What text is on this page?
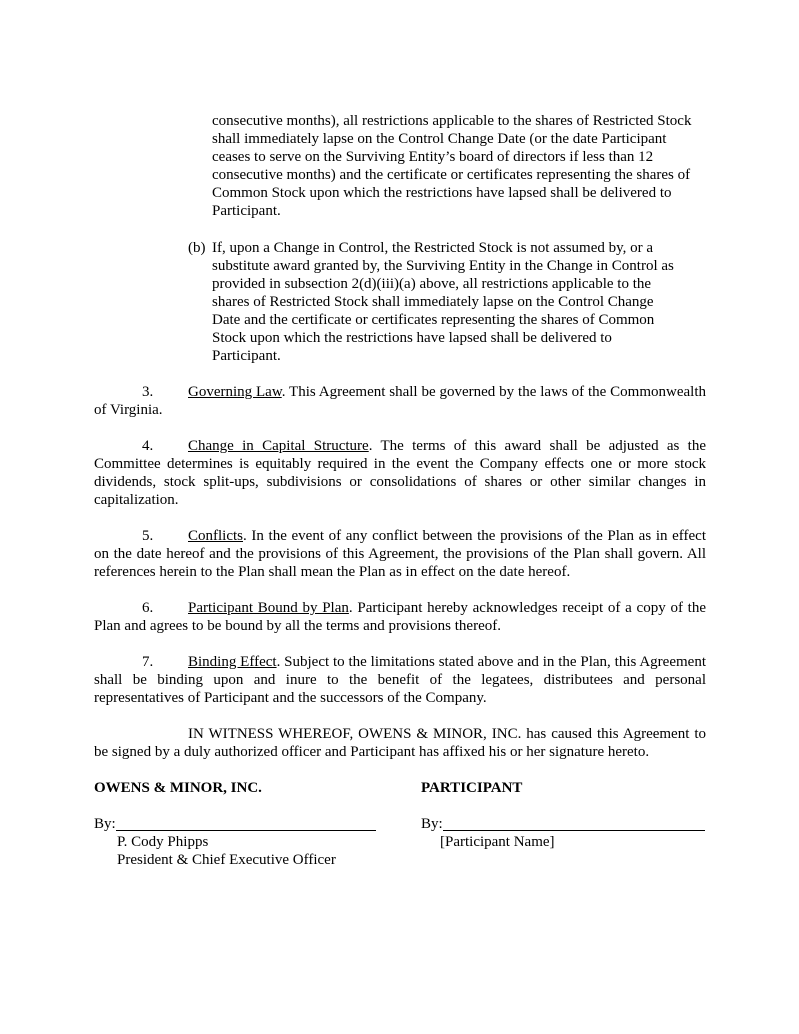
consecutive months), all restrictions applicable to the shares of Restricted Stock
shall immediately lapse on the Control Change Date (or the date Participant
ceases to serve on the Surviving Entity’s board of directors if less than 12
consecutive months) and the certificate or certificates representing the shares of
Common Stock upon which the restrictions have lapsed shall be delivered to
Participant.
(b) If, upon a Change in Control, the Restricted Stock is not assumed by, or a
substitute award granted by, the Surviving Entity in the Change in Control as
provided in subsection 2(d)(iii)(a) above, all restrictions applicable to the
shares of Restricted Stock shall immediately lapse on the Control Change
Date and the certificate or certificates representing the shares of Common
Stock upon which the restrictions have lapsed shall be delivered to
Participant.

3. Governing Law. This Agreement shall be governed by the laws of the Commonwealth of Virginia.

4. Change in Capital Structure. The terms of this award shall be adjusted as the Committee determines is equitably required in the event the Company effects one or more stock dividends, stock split-ups, subdivisions or consolidations of shares or other similar changes in capitalization.

5. Conflicts. In the event of any conflict between the provisions of the Plan as in effect on the date hereof and the provisions of this Agreement, the provisions of the Plan shall govern. All references herein to the Plan shall mean the Plan as in effect on the date hereof.

6. Participant Bound by Plan. Participant hereby acknowledges receipt of a copy of the Plan and agrees to be bound by all the terms and provisions thereof.

7. Binding Effect. Subject to the limitations stated above and in the Plan, this Agreement shall be binding upon and inure to the benefit of the legatees, distributees and personal representatives of Participant and the successors of the Company.

IN WITNESS WHEREOF, OWENS & MINOR, INC. has caused this Agreement to be signed by a duly authorized officer and Participant has affixed his or her signature hereto.

OWENS & MINOR, INC.	PARTICIPANT
By:	By:
P. Cody Phipps
President & Chief Executive Officer
[Participant Name]
